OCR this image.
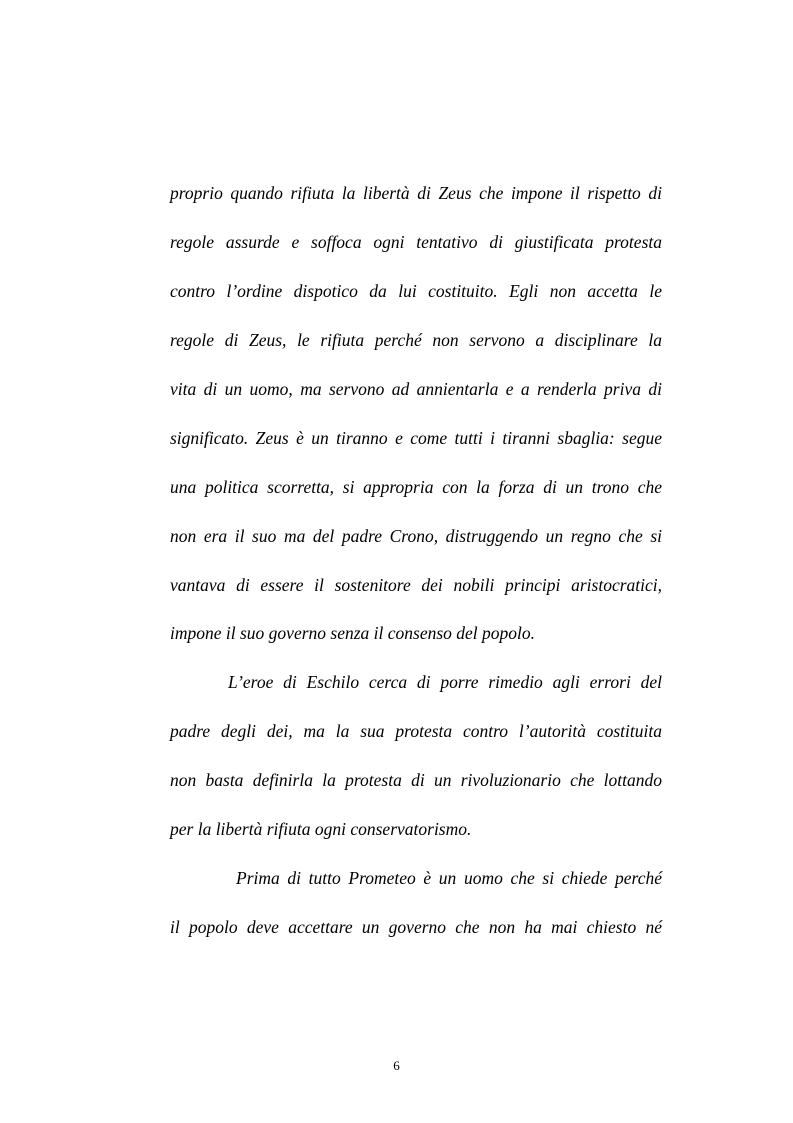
proprio quando rifiuta la libertà di Zeus che impone il rispetto di
regole assurde e soffoca ogni tentativo di giustificata protesta
contro l’ordine dispotico da lui costituito. Egli non accetta le
regole di Zeus, le rifiuta perché non servono a disciplinare la
vita di un uomo, ma servono ad annientarla e a renderla priva di
significato. Zeus è un tiranno e come tutti i tiranni sbaglia: segue
una politica scorretta, si appropria con la forza di un trono che
non era il suo ma del padre Crono, distruggendo un regno che si
vantava di essere il sostenitore dei nobili principi aristocratici,
impone il suo governo senza il consenso del popolo.
L’eroe di Eschilo cerca di porre rimedio agli errori del
padre degli dei, ma la sua protesta contro l’autorità costituita
non basta definirla la protesta di un rivoluzionario che lottando
per la libertà rifiuta ogni conservatorismo.
Prima di tutto Prometeo è un uomo che si chiede perché
il popolo deve accettare un governo che non ha mai chiesto né
6
